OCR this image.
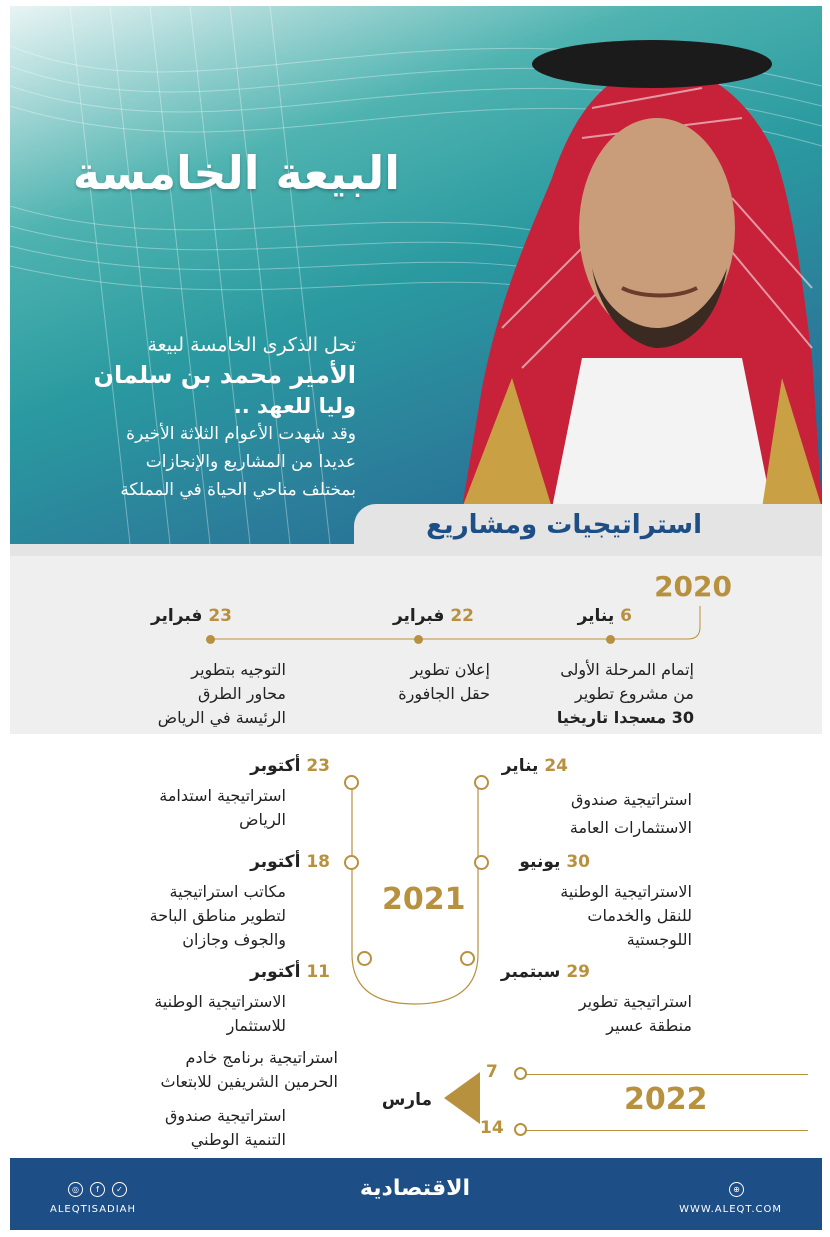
البيعة الخامسة
تحل الذكرى الخامسة لبيعة
الأمير محمد بن سلمان
وليا للعهد ..
وقد شهدت الأعوام الثلاثة الأخيرة
عديدا من المشاريع والإنجازات
بمختلف مناحي الحياة في المملكة
استراتيجيات ومشاريع
2020
6 يناير
إتمام المرحلة الأولى
من مشروع تطوير
30 مسجدا تاريخيا
22 فبراير
إعلان تطوير
حقل الجافورة
23 فبراير
التوجيه بتطوير
محاور الطرق
الرئيسة في الرياض
2021
24 يناير
استراتيجية صندوق
الاستثمارات العامة
30 يونيو
الاستراتيجية الوطنية
للنقل والخدمات
اللوجستية
29 سبتمبر
استراتيجية تطوير
منطقة عسير
23 أكتوبر
استراتيجية استدامة
الرياض
18 أكتوبر
مكاتب استراتيجية
لتطوير مناطق الباحة
والجوف وجازان
11 أكتوبر
الاستراتيجية الوطنية
للاستثمار
استراتيجية برنامج خادم
الحرمين الشريفين للابتعاث
استراتيجية صندوق
التنمية الوطني
مارس
7
14
2022
◎	f	✓
ALEQTISADIAH
الاقتصادية	⊕
WWW.ALEQT.COM
